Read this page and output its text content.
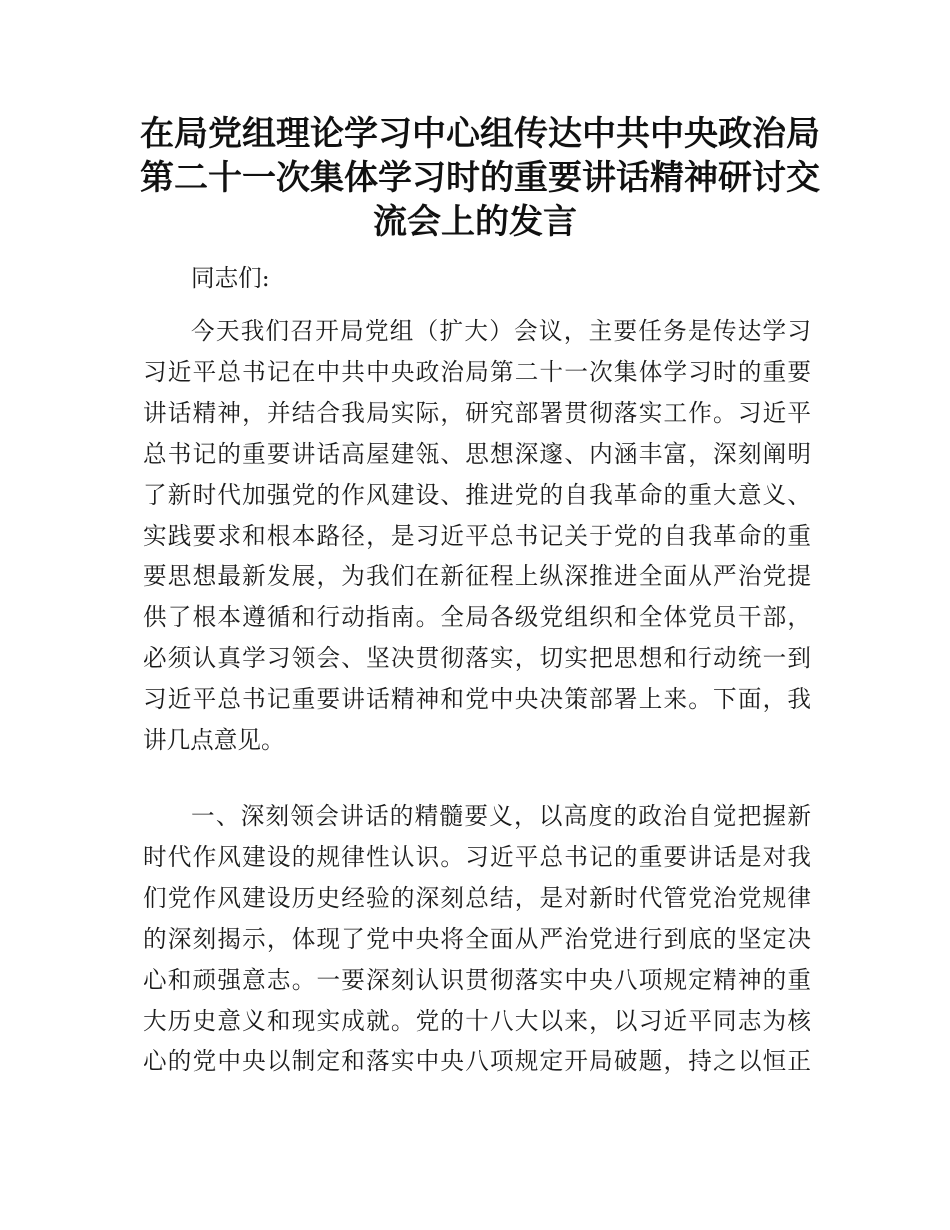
在局党组理论学习中心组传达中共中央政治局
第二十一次集体学习时的重要讲话精神研讨交
流会上的发言

同志们:

今天我们召开局党组（扩大）会议，主要任务是传达学习
习近平总书记在中共中央政治局第二十一次集体学习时的重要
讲话精神，并结合我局实际，研究部署贯彻落实工作。习近平
总书记的重要讲话高屋建瓴、思想深邃、内涵丰富，深刻阐明
了新时代加强党的作风建设、推进党的自我革命的重大意义、
实践要求和根本路径，是习近平总书记关于党的自我革命的重
要思想最新发展，为我们在新征程上纵深推进全面从严治党提
供了根本遵循和行动指南。全局各级党组织和全体党员干部，
必须认真学习领会、坚决贯彻落实，切实把思想和行动统一到
习近平总书记重要讲话精神和党中央决策部署上来。下面，我
讲几点意见。
一、深刻领会讲话的精髓要义，以高度的政治自觉把握新
时代作风建设的规律性认识。习近平总书记的重要讲话是对我
们党作风建设历史经验的深刻总结，是对新时代管党治党规律
的深刻揭示，体现了党中央将全面从严治党进行到底的坚定决
心和顽强意志。一要深刻认识贯彻落实中央八项规定精神的重
大历史意义和现实成就。党的十八大以来，以习近平同志为核
心的党中央以制定和落实中央八项规定开局破题，持之以恒正
